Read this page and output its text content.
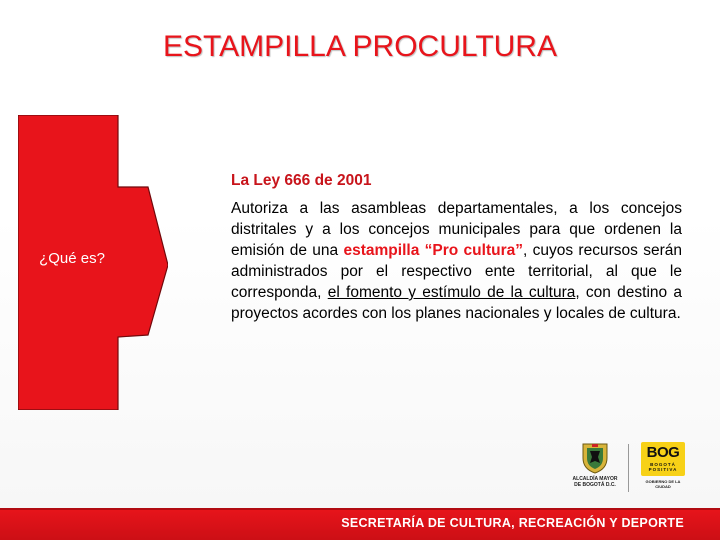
ESTAMPILLA PROCULTURA
¿Qué es?
La Ley 666 de 2001
Autoriza a las asambleas departamentales, a los concejos distritales y a los concejos municipales para que ordenen la emisión de una estampilla “Pro cultura”, cuyos recursos serán administrados por el respectivo ente territorial, al que le corresponda, el fomento y estímulo de la cultura, con destino a proyectos acordes con los planes nacionales y locales de cultura.
ALCALDÍA MAYOR
DE BOGOTÁ D.C.
BOG
BOGOTÁ
POSITIVA
GOBIERNO DE LA CIUDAD
SECRETARÍA DE CULTURA, RECREACIÓN Y DEPORTE
